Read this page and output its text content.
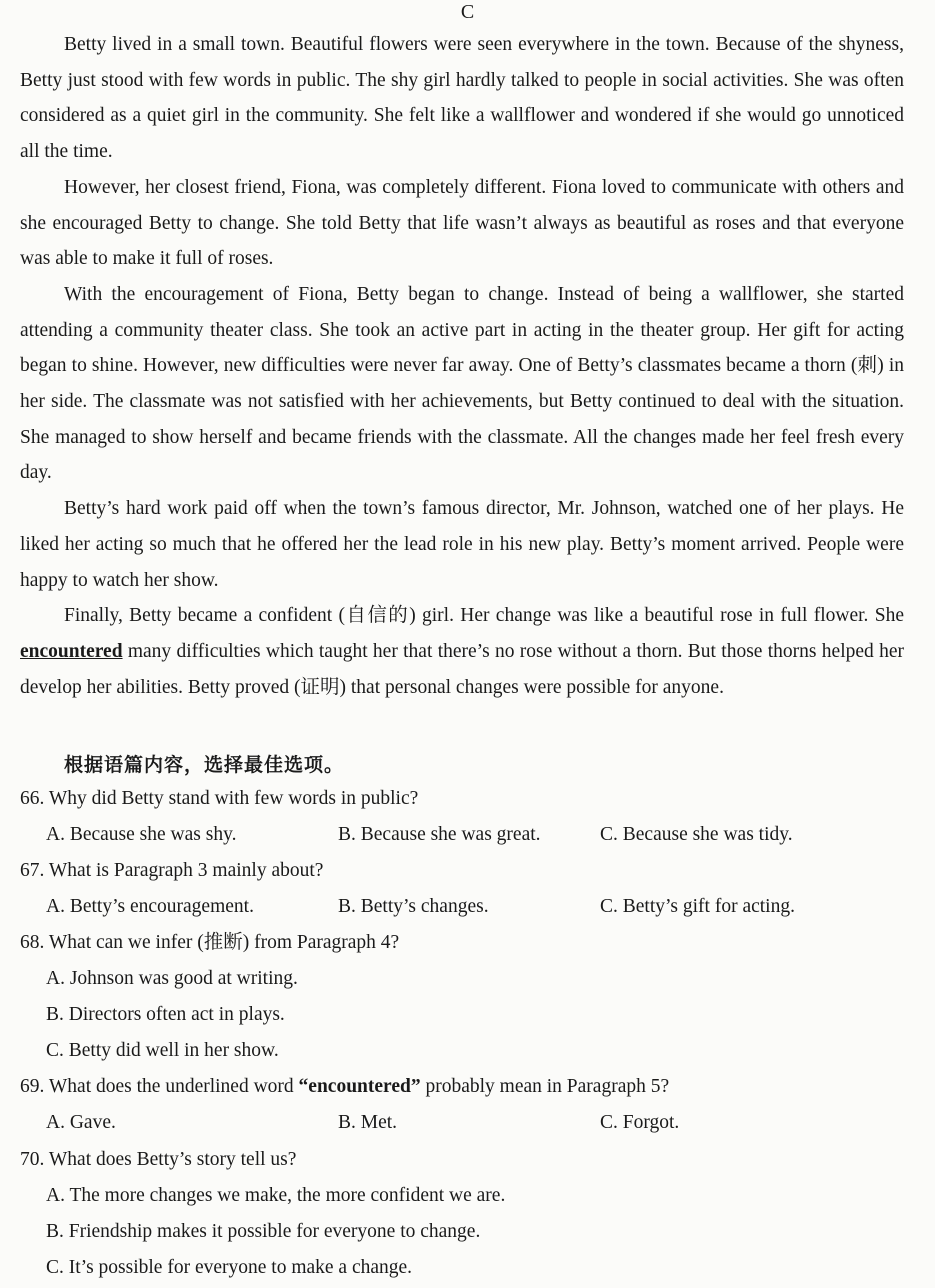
C

Betty lived in a small town. Beautiful flowers were seen everywhere in the town. Because of the shyness, Betty just stood with few words in public. The shy girl hardly talked to people in social activities. She was often considered as a quiet girl in the community. She felt like a wallflower and wondered if she would go unnoticed all the time.

However, her closest friend, Fiona, was completely different. Fiona loved to communicate with others and she encouraged Betty to change. She told Betty that life wasn’t always as beautiful as roses and that everyone was able to make it full of roses.

With the encouragement of Fiona, Betty began to change. Instead of being a wallflower, she started attending a community theater class. She took an active part in acting in the theater group. Her gift for acting began to shine. However, new difficulties were never far away. One of Betty’s classmates became a thorn (刺) in her side. The classmate was not satisfied with her achievements, but Betty continued to deal with the situation. She managed to show herself and became friends with the classmate. All the changes made her feel fresh every day.

Betty’s hard work paid off when the town’s famous director, Mr. Johnson, watched one of her plays. He liked her acting so much that he offered her the lead role in his new play. Betty’s moment arrived. People were happy to watch her show.

Finally, Betty became a confident (自信的) girl. Her change was like a beautiful rose in full flower. She encountered many difficulties which taught her that there’s no rose without a thorn. But those thorns helped her develop her abilities. Betty proved (证明) that personal changes were possible for anyone.

根据语篇内容，选择最佳选项。
66. Why did Betty stand with few words in public?
A. Because she was shy.	B. Because she was great.	C. Because she was tidy.
67. What is Paragraph 3 mainly about?
A. Betty’s encouragement.	B. Betty’s changes.	C. Betty’s gift for acting.
68. What can we infer (推断) from Paragraph 4?
A. Johnson was good at writing.
B. Directors often act in plays.
C. Betty did well in her show.
69. What does the underlined word “encountered” probably mean in Paragraph 5?
A. Gave.	B. Met.	C. Forgot.
70. What does Betty’s story tell us?
A. The more changes we make, the more confident we are.
B. Friendship makes it possible for everyone to change.
C. It’s possible for everyone to make a change.
